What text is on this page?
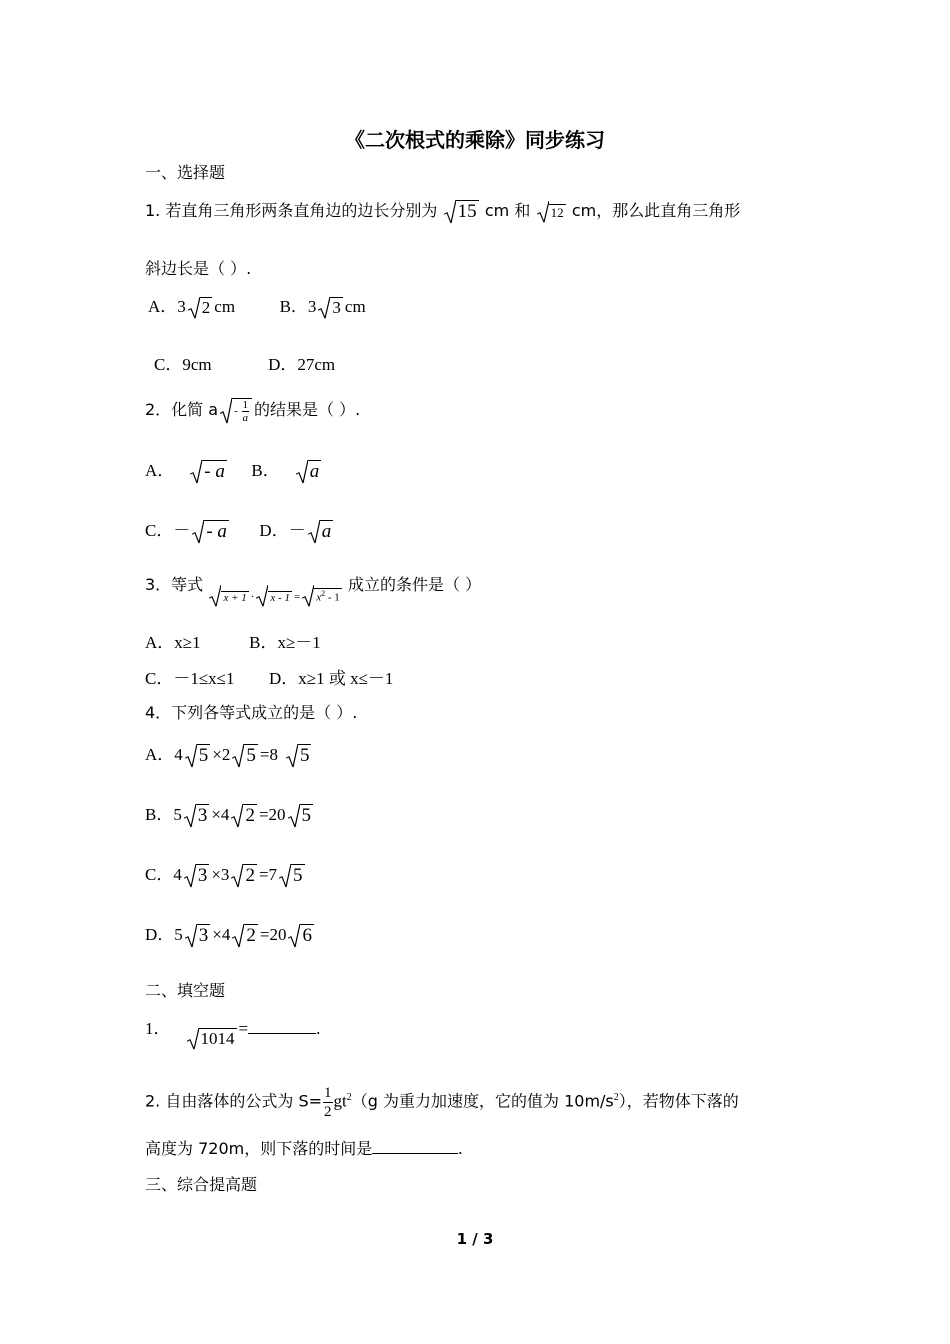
《二次根式的乘除》同步练习
一、选择题
1. 若直角三角形两条直角边的边长分别为 15 cm 和 12 cm，那么此直角三角形
斜边长是（ ）.
A．3 2 cm	B．3 3 cm
C．9cm	D．27cm
2．化简 a - $\frac{1}{a}$ 的结果是（ ）.
A． - a B． a
C．－ - a D．－ a
3．等式
$x + 1 \cdot x - 1 = x^2 - 1$ 成立的条件是（ ）
A．x≥1	B．x≥－1
C．－1≤x≤1 D．x≥1 或 x≤－1
4．下列各等式成立的是（ ）.
A．4 5 ×2 5 =8 5
B．5 3 ×4 2 =20 5
C．4 3 ×3 2 =7 5
D．5 3 ×4 2 =20 6
二、填空题
1．
1014=	.
2. 自由落体的公式为 $S= \frac{1}{2} gt^2(g$ 为重力加速度，它的值为 $10m/s^2$），若物体下落的
高度为 720m，则下落的时间是	.
三、综合提高题
1 / 3
